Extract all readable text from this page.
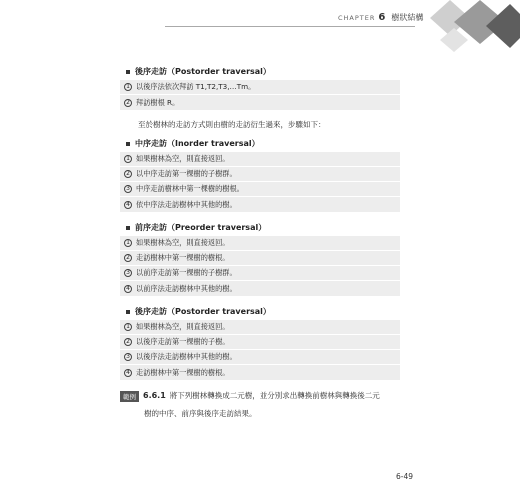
CHAPTER 6 樹狀結構
後序走訪（Postorder traversal）
1 以後序法依次拜訪 T1,T2,T3,…Tm。
2 拜訪樹根 R。
至於樹林的走訪方式則由樹的走訪衍生過來，步驟如下：
中序走訪（Inorder traversal）
1 如果樹林為空，則直接返回。
2 以中序走訪第一棵樹的子樹群。
3 中序走訪樹林中第一棵樹的樹根。
4 依中序法走訪樹林中其他的樹。
前序走訪（Preorder traversal）
1 如果樹林為空，則直接返回。
2 走訪樹林中第一棵樹的樹根。
3 以前序走訪第一棵樹的子樹群。
4 以前序法走訪樹林中其他的樹。
後序走訪（Postorder traversal）
1 如果樹林為空，則直接返回。
2 以後序走訪第一棵樹的子樹。
3 以後序法走訪樹林中其他的樹。
4 走訪樹林中第一棵樹的樹根。
範例 6.6.1 將下列樹林轉換成二元樹，並分別求出轉換前樹林與轉換後二元
樹的中序、前序與後序走訪結果。
6-49
